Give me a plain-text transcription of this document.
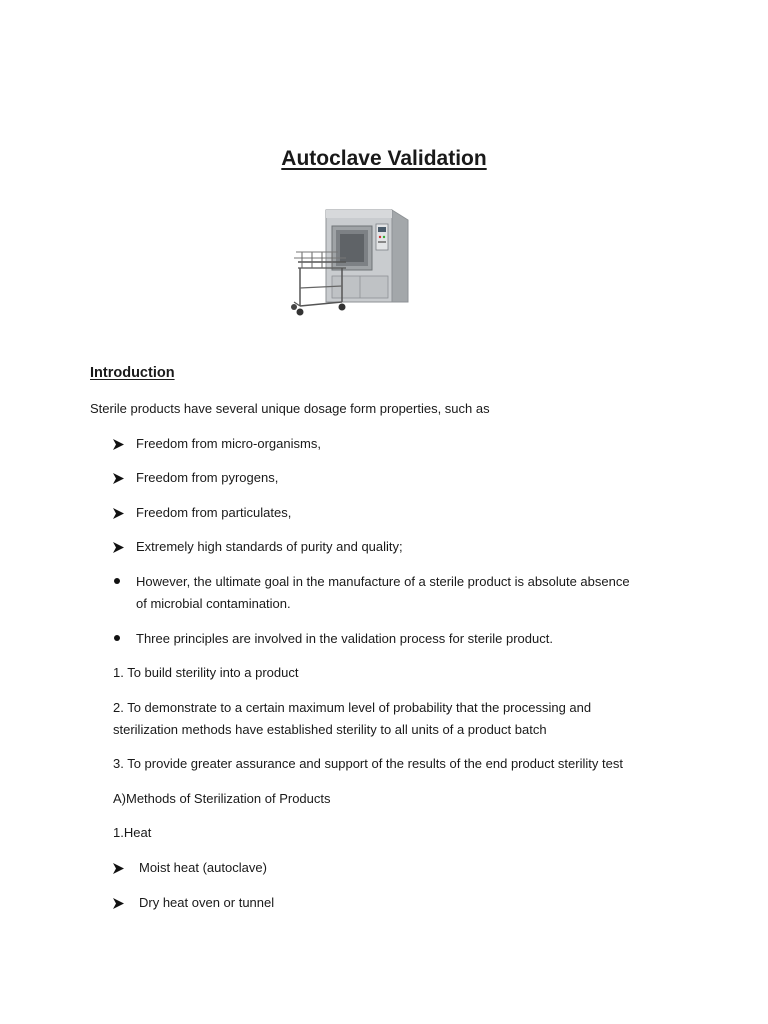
Autoclave Validation
Introduction
Sterile products have several unique dosage form properties, such as
Freedom from micro-organisms,
Freedom from pyrogens,
Freedom from particulates,
Extremely high standards of purity and quality;
However, the ultimate goal in the manufacture of a sterile product is absolute absence
of microbial contamination.
Three principles are involved in the validation process for sterile product.
1. To build sterility into a product
2. To demonstrate to a certain maximum level of probability that the processing and
sterilization methods have established sterility to all units of a product batch
3. To provide greater assurance and support of the results of the end product sterility test
A)Methods of Sterilization of Products
1.Heat
Moist heat (autoclave)
Dry heat oven or tunnel
